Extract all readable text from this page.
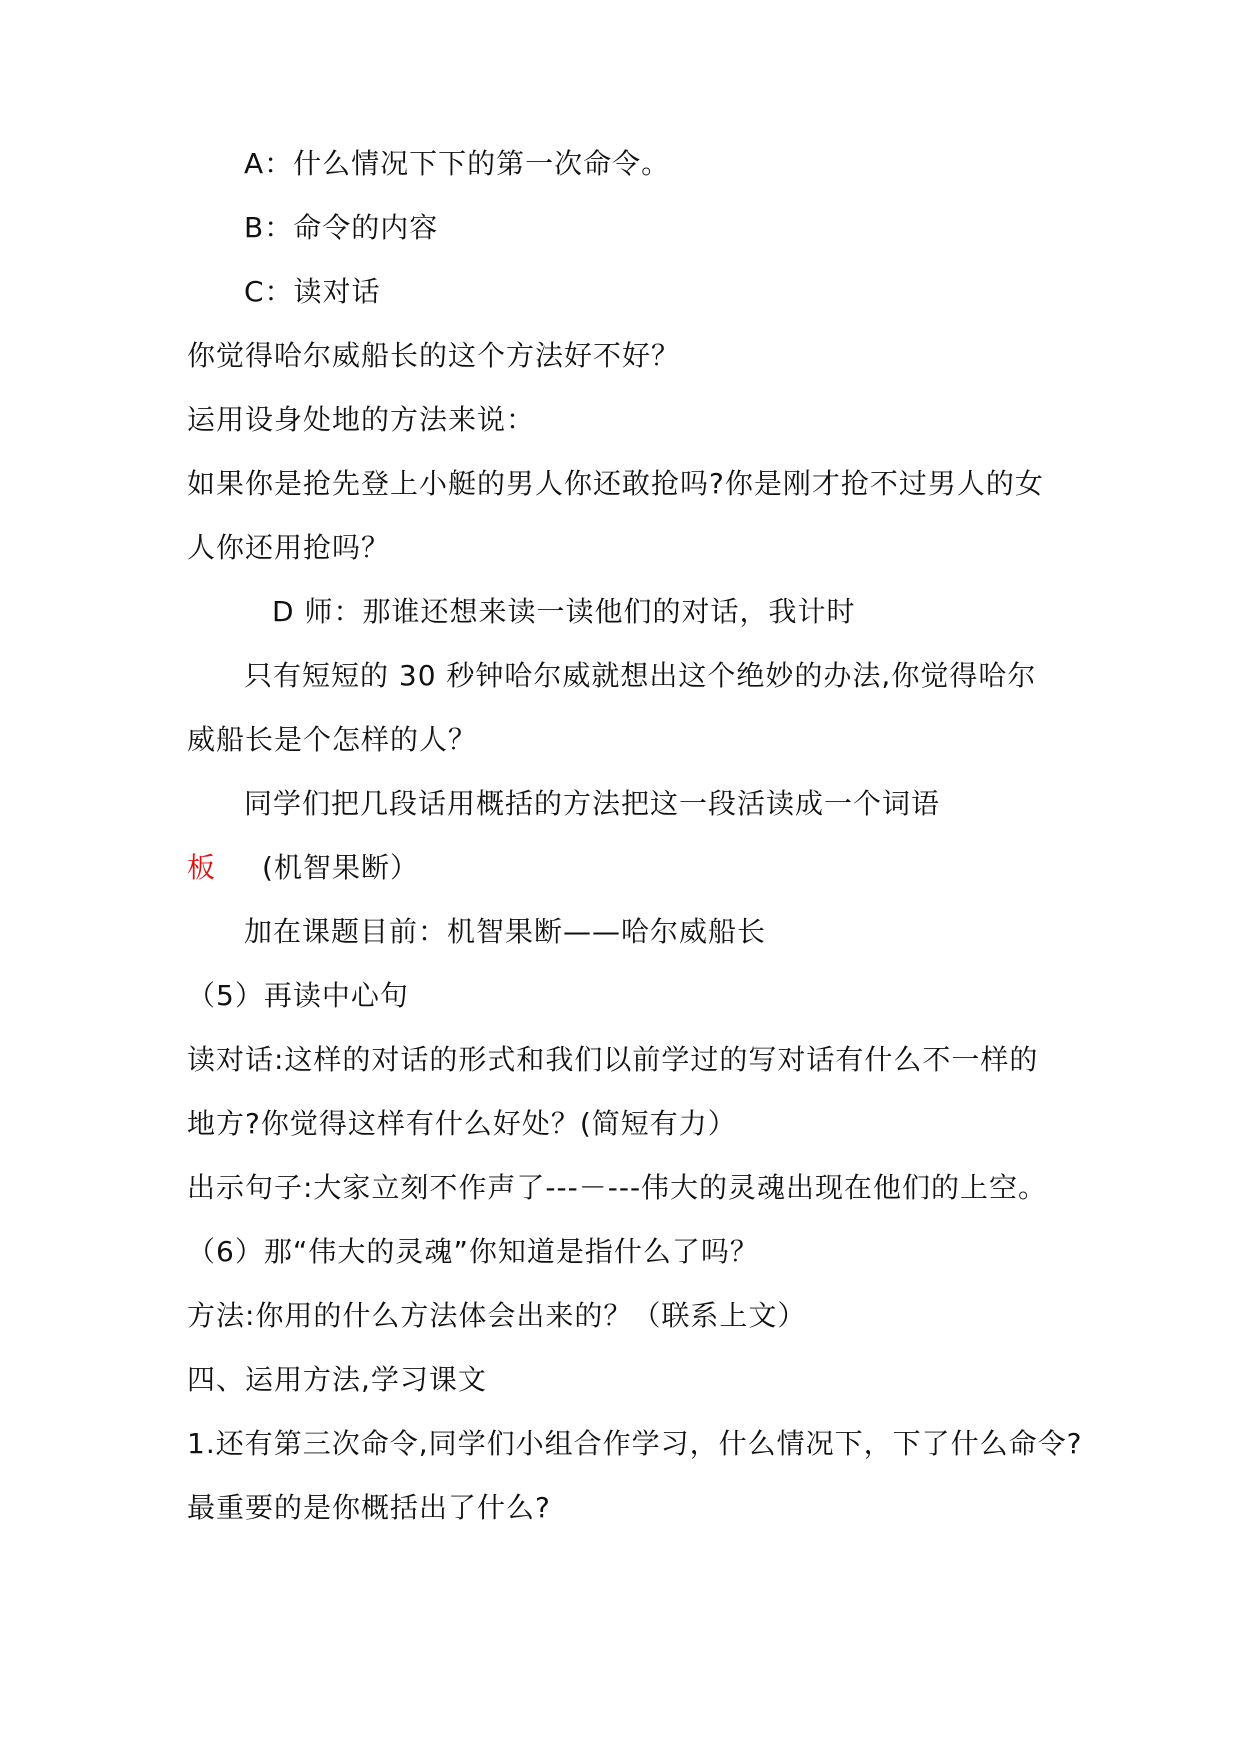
A：什么情况下下的第一次命令。
B：命令的内容
C：读对话
你觉得哈尔威船长的这个方法好不好？
运用设身处地的方法来说：
如果你是抢先登上小艇的男人你还敢抢吗?你是刚才抢不过男人的女
人你还用抢吗？
D 师：那谁还想来读一读他们的对话，我计时
只有短短的 30 秒钟哈尔威就想出这个绝妙的办法,你觉得哈尔
威船长是个怎样的人？
同学们把几段话用概括的方法把这一段活读成一个词语
板 (机智果断）
加在课题目前：机智果断——哈尔威船长
（5）再读中心句
读对话:这样的对话的形式和我们以前学过的写对话有什么不一样的
地方?你觉得这样有什么好处？(简短有力）
出示句子:大家立刻不作声了---－---伟大的灵魂出现在他们的上空。
（6）那“伟大的灵魂”你知道是指什么了吗？
方法:你用的什么方法体会出来的？（联系上文）
四、运用方法,学习课文
1.还有第三次命令,同学们小组合作学习，什么情况下，下了什么命令?
最重要的是你概括出了什么?
